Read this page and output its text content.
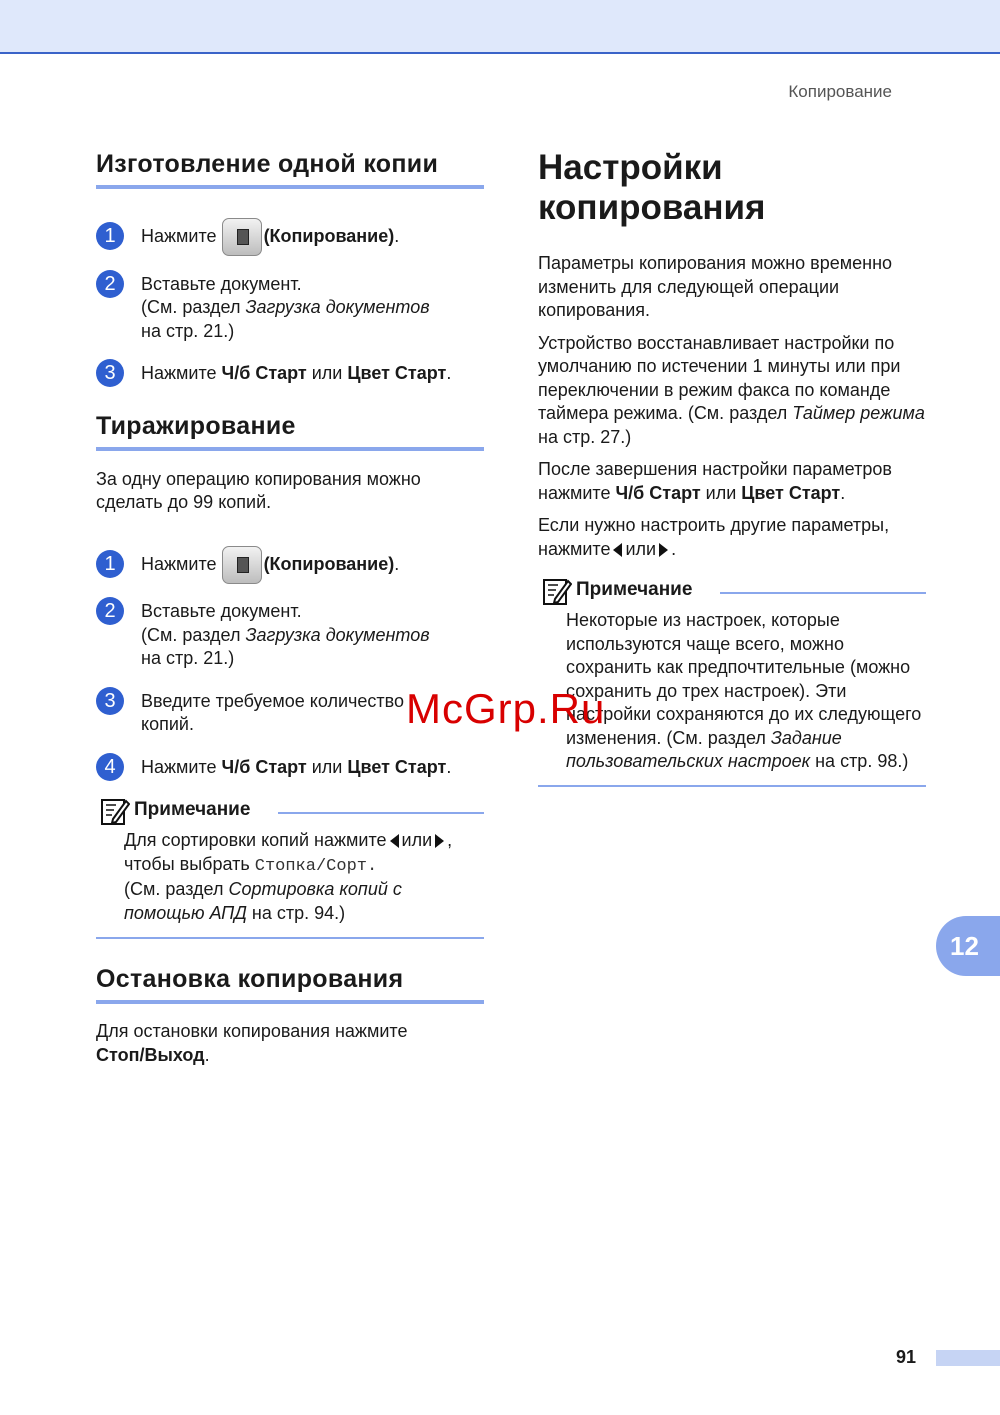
Копирование
Изготовление одной копии
1	Нажмите	(Копирование).
2	Вставьте документ.
(См. раздел Загрузка документов
на стр. 21.)
3	Нажмите Ч/б Старт или Цвет Старт.
Тиражирование

За одну операцию копирования можно сделать до 99 копий.

1	Нажмите	(Копирование).
2	Вставьте документ.
(См. раздел Загрузка документов
на стр. 21.)
3	Введите требуемое количество копий.
4	Нажмите Ч/б Старт или Цвет Старт.
Примечание
Для сортировки копий нажмите или ,
чтобы выбрать Стопка/Сорт.
(См. раздел Сортировка копий с помощью АПД на стр. 94.)
Остановка копирования

Для остановки копирования нажмите
Стоп/Выход.

Настройки копирования

Параметры копирования можно временно изменить для следующей операции копирования.

Устройство восстанавливает настройки по умолчанию по истечении 1 минуты или при переключении в режим факса по команде таймера режима. (См. раздел Таймер режима на стр. 27.)

После завершения настройки параметров нажмите Ч/б Старт или Цвет Старт.

Если нужно настроить другие параметры, нажмите или .

Примечание
Некоторые из настроек, которые используются чаще всего, можно сохранить как предпочтительные (можно сохранить до трех настроек). Эти настройки сохраняются до их следующего изменения. (См. раздел Задание пользовательских настроек на стр. 98.)
12
91
McGrp.Ru
